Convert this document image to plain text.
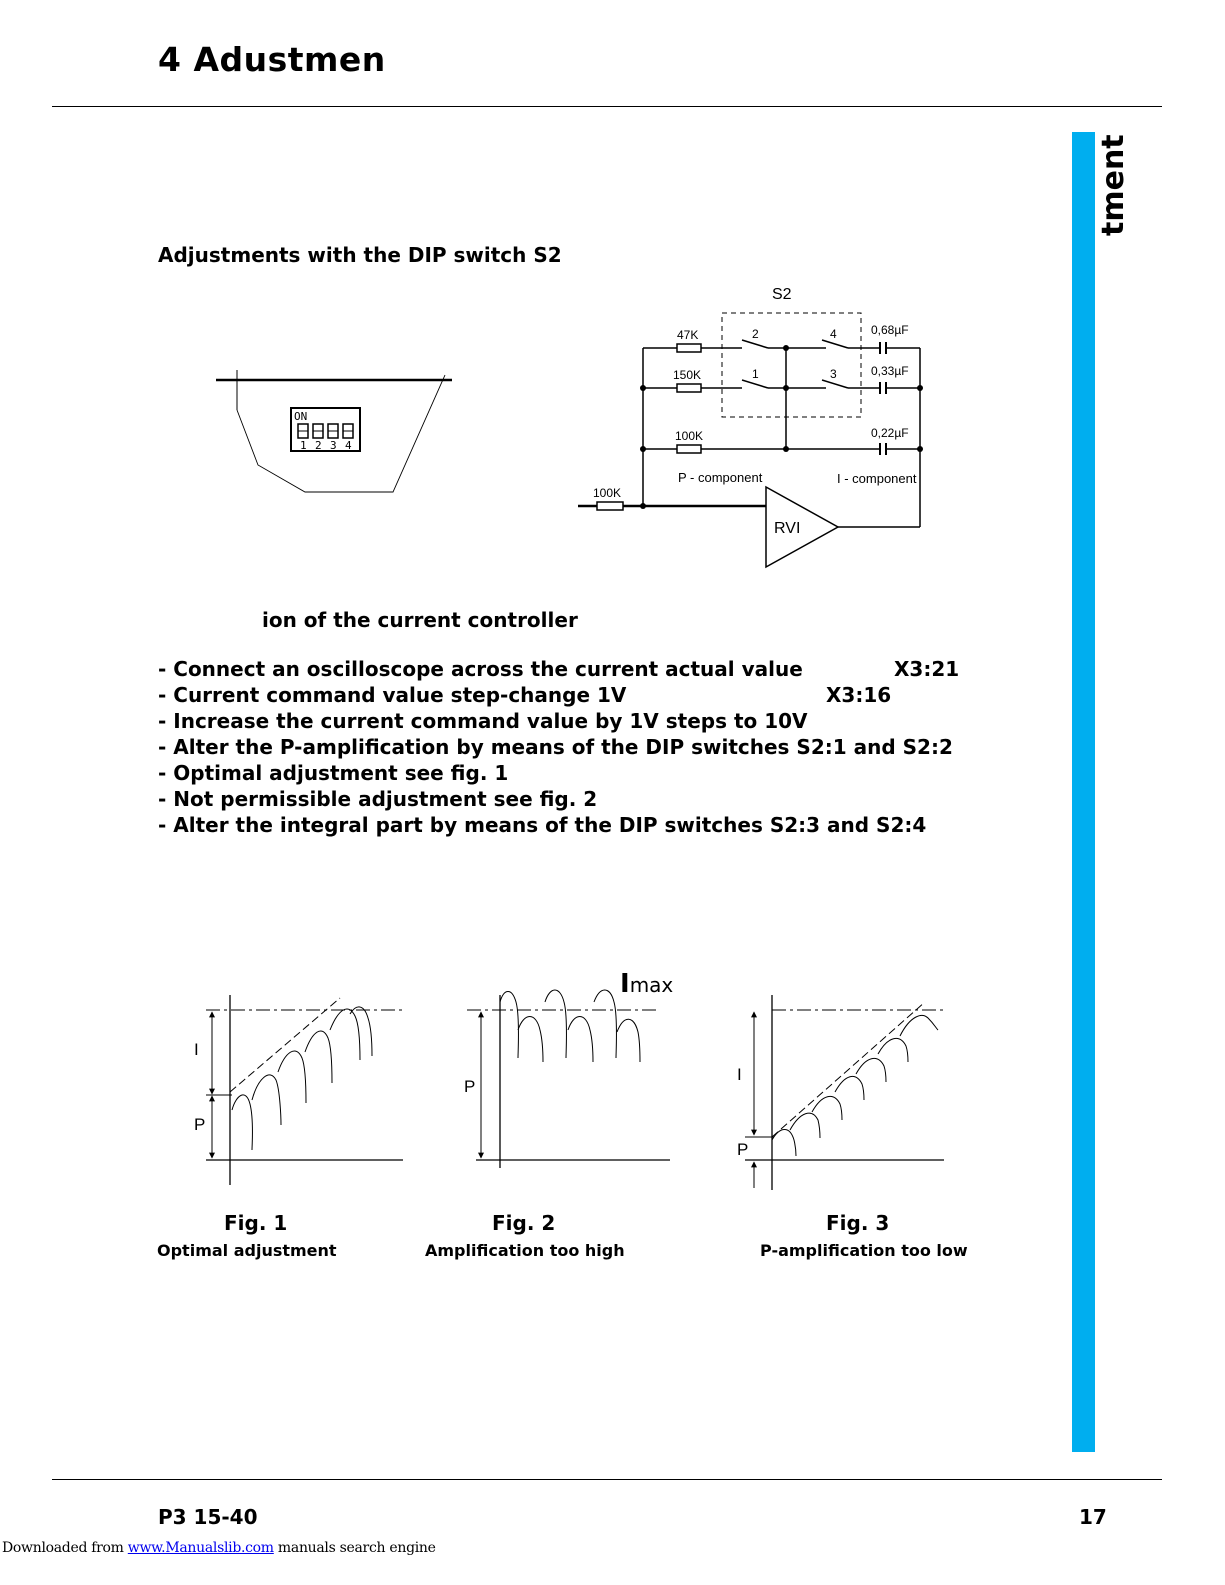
4 Adustmen
tment
Adjustments with the DIP switch S2
ON
1 2 3 4
S2
47K
150K
100K
100K
2	4
1	3
0,68µF
0,33µF
0,22µF
P - component	I - component
RVI
ion of the current controller
- Connect an oscilloscope across the current actual value	X3:21
- Current command value step-change 1V	X3:16
- Increase the current command value by 1V steps to 10V
- Alter the P-amplification by means of the DIP switches S2:1 and S2:2
- Optimal adjustment see fig. 1
- Not permissible adjustment see fig. 2
- Alter the integral part by means of the DIP switches S2:3 and S2:4
Imax
I
P
P
I
P
Fig. 1
Optimal adjustment
Fig. 2
Amplification too high
Fig. 3
P-amplification too low
P3 15-40	17
Downloaded from www.Manualslib.com manuals search engine
